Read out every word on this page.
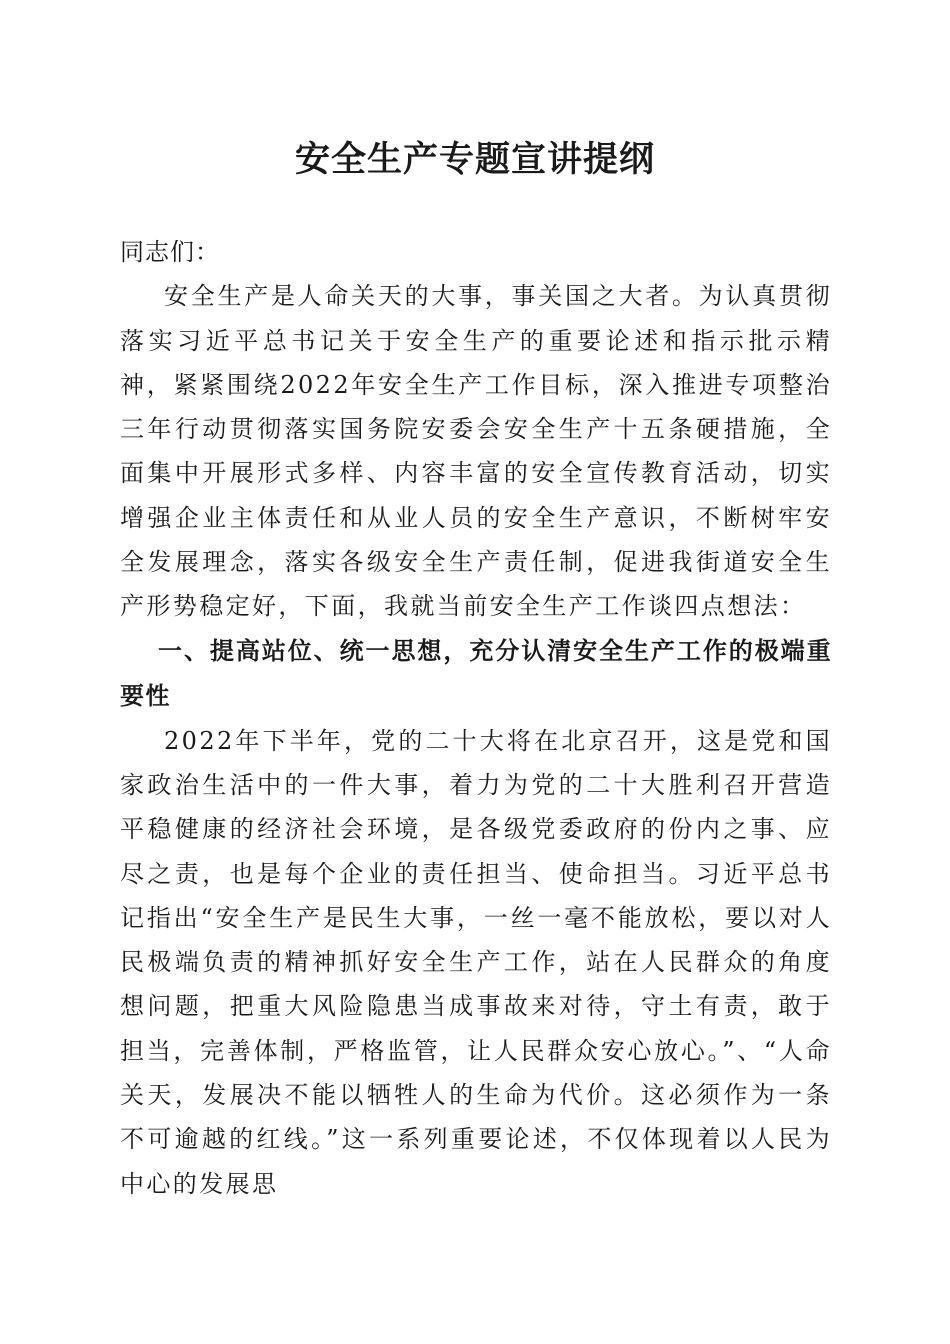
安全生产专题宣讲提纲

同志们：

安全生产是人命关天的大事，事关国之大者。为认真贯彻落实习近平总书记关于安全生产的重要论述和指示批示精神，紧紧围绕2022年安全生产工作目标，深入推进专项整治三年行动贯彻落实国务院安委会安全生产十五条硬措施，全面集中开展形式多样、内容丰富的安全宣传教育活动，切实增强企业主体责任和从业人员的安全生产意识，不断树牢安全发展理念，落实各级安全生产责任制，促进我街道安全生产形势稳定好，下面，我就当前安全生产工作谈四点想法：

一、提高站位、统一思想，充分认清安全生产工作的极端重要性

2022年下半年，党的二十大将在北京召开，这是党和国家政治生活中的一件大事，着力为党的二十大胜利召开营造平稳健康的经济社会环境，是各级党委政府的份内之事、应尽之责，也是每个企业的责任担当、使命担当。习近平总书记指出“安全生产是民生大事，一丝一毫不能放松，要以对人民极端负责的精神抓好安全生产工作，站在人民群众的角度想问题，把重大风险隐患当成事故来对待，守土有责，敢于担当，完善体制，严格监管，让人民群众安心放心。”、“人命关天，发展决不能以牺牲人的生命为代价。这必须作为一条不可逾越的红线。”这一系列重要论述，不仅体现着以人民为中心的发展思
